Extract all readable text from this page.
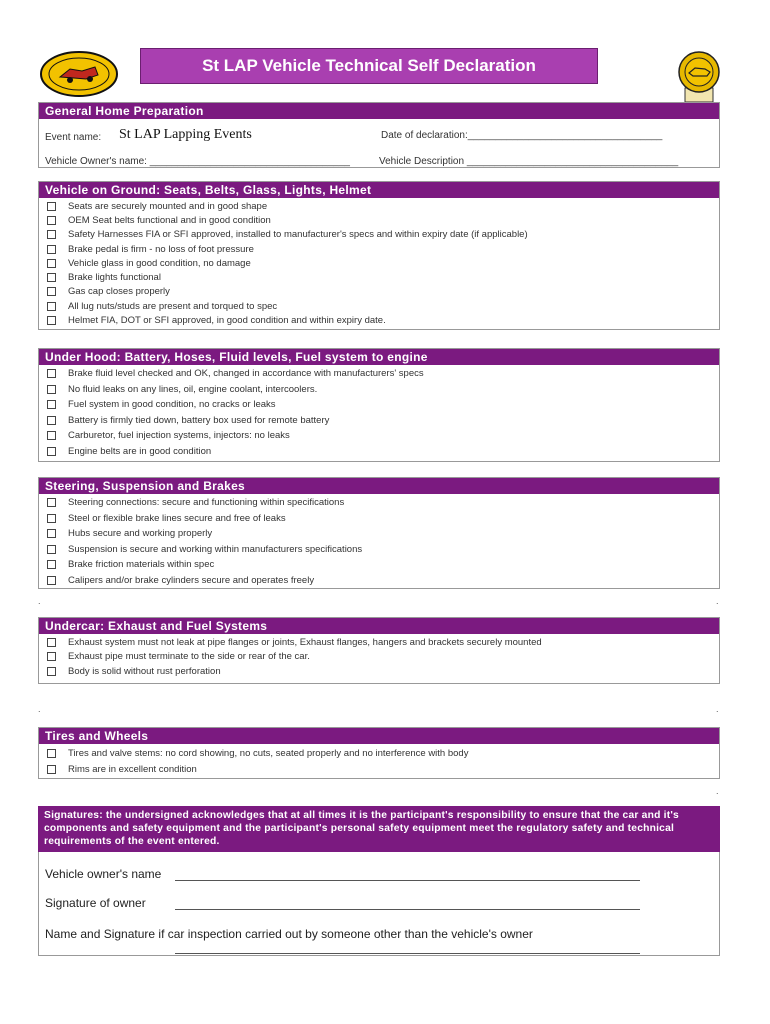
St LAP Vehicle Technical Self Declaration
General Home Preparation
Event name: St LAP Lapping Events	Date of declaration:___________________________________
Vehicle Owner's name: ____________________________________	Vehicle Description ______________________________________
Vehicle on Ground: Seats, Belts, Glass, Lights, Helmet
Seats are securely mounted and in good shape
OEM Seat belts functional and in good condition
Safety Harnesses FIA or SFI approved, installed to manufacturer's specs and within expiry date (if applicable)
Brake pedal is firm - no loss of foot pressure
Vehicle glass in good condition, no damage
Brake lights functional
Gas cap closes properly
All lug nuts/studs are present and torqued to spec
Helmet FIA, DOT or SFI approved, in good condition and within expiry date.
Under Hood: Battery, Hoses, Fluid levels, Fuel system to engine
Brake fluid level checked and OK, changed in accordance with manufacturers' specs
No fluid leaks on any lines, oil, engine coolant, intercoolers.
Fuel system in good condition, no cracks or leaks
Battery is firmly tied down, battery box used for remote battery
Carburetor, fuel injection systems, injectors: no leaks
Engine belts are in good condition
Steering, Suspension and Brakes
Steering connections: secure and functioning within specifications
Steel or flexible brake lines secure and free of leaks
Hubs secure and working properly
Suspension is secure and working within manufacturers specifications
Brake friction materials within spec
Calipers and/or brake cylinders secure and operates freely
.	.
Undercar: Exhaust and Fuel Systems
Exhaust system must not leak at pipe flanges or joints, Exhaust flanges, hangers and brackets securely mounted
Exhaust pipe must terminate to the side or rear of the car.
Body is solid without rust perforation
.	.
Tires and Wheels
Tires and valve stems: no cord showing, no cuts, seated properly and no interference with body
Rims are in excellent condition
.
Signatures: the undersigned acknowledges that at all times it is the participant's responsibility to ensure that the car and it's components and safety equipment and the participant's personal safety equipment meet the regulatory safety and technical requirements of the event entered.
Vehicle owner's name
Signature of owner
Name and Signature if car inspection carried out by someone other than the vehicle's owner
